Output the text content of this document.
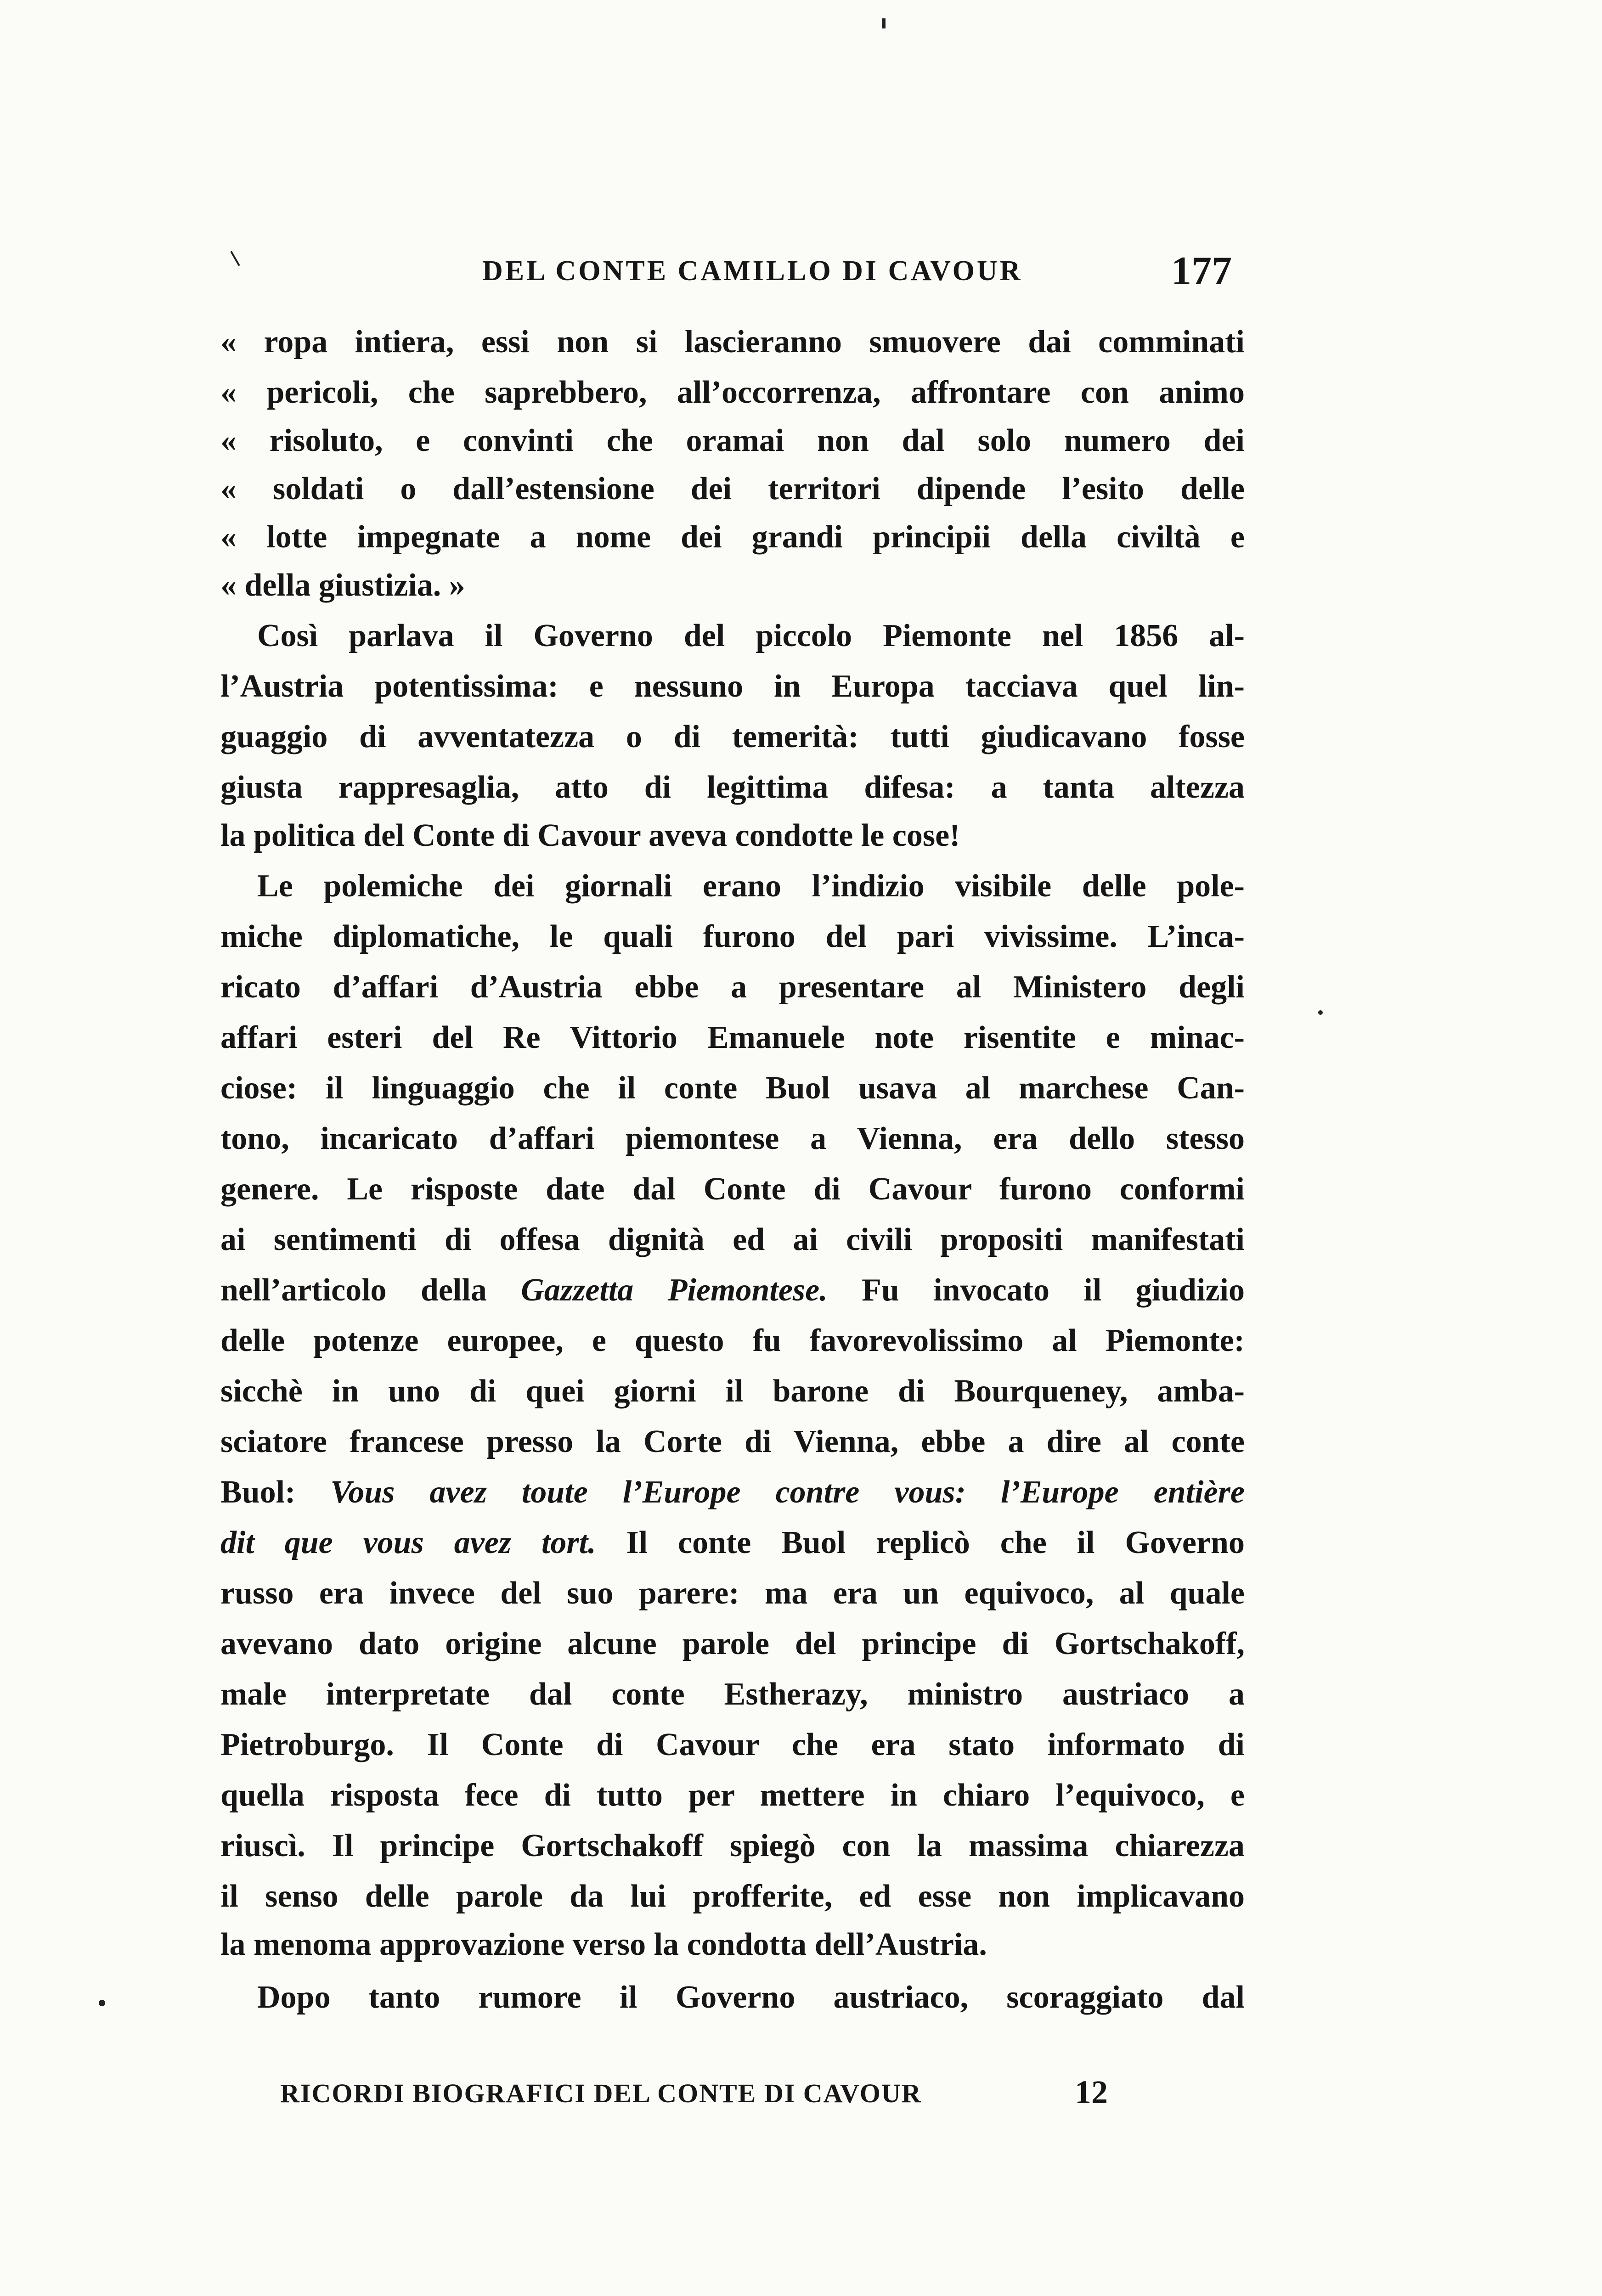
DEL CONTE CAMILLO DI CAVOUR	177
« ropa intiera, essi non si lascieranno smuovere dai comminati
« pericoli, che saprebbero, all’occorrenza, affrontare con animo
« risoluto, e convinti che oramai non dal solo numero dei
« soldati o dall’estensione dei territori dipende l’esito delle
« lotte impegnate a nome dei grandi principii della civiltà e
« della giustizia. »
Così parlava il Governo del piccolo Piemonte nel 1856 al-
l’Austria potentissima: e nessuno in Europa tacciava quel lin-
guaggio di avventatezza o di temerità: tutti giudicavano fosse
giusta rappresaglia, atto di legittima difesa: a tanta altezza
la politica del Conte di Cavour aveva condotte le cose!
Le polemiche dei giornali erano l’indizio visibile delle pole-
miche diplomatiche, le quali furono del pari vivissime. L’inca-
ricato d’affari d’Austria ebbe a presentare al Ministero degli
affari esteri del Re Vittorio Emanuele note risentite e minac-
ciose: il linguaggio che il conte Buol usava al marchese Can-
tono, incaricato d’affari piemontese a Vienna, era dello stesso
genere. Le risposte date dal Conte di Cavour furono conformi
ai sentimenti di offesa dignità ed ai civili propositi manifestati
nell’articolo della Gazzetta Piemontese. Fu invocato il giudizio
delle potenze europee, e questo fu favorevolissimo al Piemonte:
sicchè in uno di quei giorni il barone di Bourqueney, amba-
sciatore francese presso la Corte di Vienna, ebbe a dire al conte
Buol: Vous avez toute l’Europe contre vous: l’Europe entière
dit que vous avez tort. Il conte Buol replicò che il Governo
russo era invece del suo parere: ma era un equivoco, al quale
avevano dato origine alcune parole del principe di Gortschakoff,
male interpretate dal conte Estherazy, ministro austriaco a
Pietroburgo. Il Conte di Cavour che era stato informato di
quella risposta fece di tutto per mettere in chiaro l’equivoco, e
riuscì. Il principe Gortschakoff spiegò con la massima chiarezza
il senso delle parole da lui profferite, ed esse non implicavano
la menoma approvazione verso la condotta dell’Austria.
Dopo tanto rumore il Governo austriaco, scoraggiato dal
RICORDI BIOGRAFICI DEL CONTE DI CAVOUR	12
